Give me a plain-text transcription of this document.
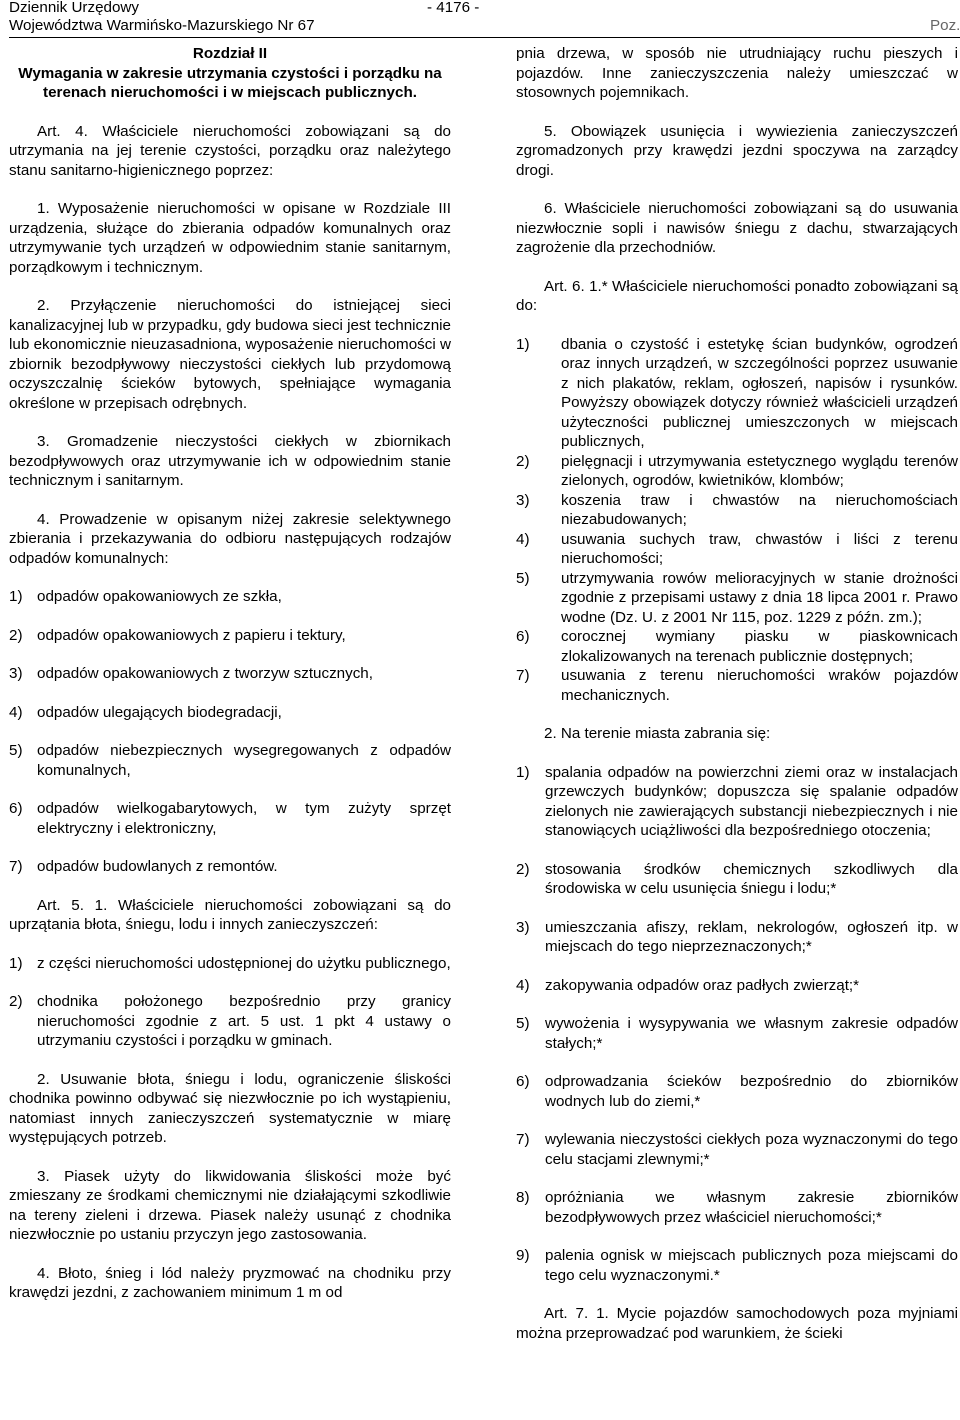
Dziennik Urzędowy
Województwa Warmińsko-Mazurskiego Nr 67
- 4176 -
Poz.

Rozdział II

Wymagania w zakresie utrzymania czystości i porządku na terenach nieruchomości i w miejscach publicznych.

Art. 4. Właściciele nieruchomości zobowiązani są do utrzymania na jej terenie czystości, porządku oraz należytego stanu sanitarno-higienicznego poprzez:

1. Wyposażenie nieruchomości w opisane w Rozdziale III urządzenia, służące do zbierania odpadów komunalnych oraz utrzymywanie tych urządzeń w odpowiednim stanie sanitarnym, porządkowym i technicznym.

2. Przyłączenie nieruchomości do istniejącej sieci kanalizacyjnej lub w przypadku, gdy budowa sieci jest technicznie lub ekonomicznie nieuzasadniona, wyposażenie nieruchomości w zbiornik bezodpływowy nieczystości ciekłych lub przydomową oczyszczalnię ścieków bytowych, spełniające wymagania określone w przepisach odrębnych.

3. Gromadzenie nieczystości ciekłych w zbiornikach bezodpływowych oraz utrzymywanie ich w odpowiednim stanie technicznym i sanitarnym.

4. Prowadzenie w opisanym niżej zakresie selektywnego zbierania i przekazywania do odbioru następujących rodzajów odpadów komunalnych:

1) odpadów opakowaniowych ze szkła,
2) odpadów opakowaniowych z papieru i tektury,
3) odpadów opakowaniowych z tworzyw sztucznych,
4) odpadów ulegających biodegradacji,
5) odpadów niebezpiecznych wysegregowanych z odpadów komunalnych,
6) odpadów wielkogabarytowych, w tym zużyty sprzęt elektryczny i elektroniczny,
7) odpadów budowlanych z remontów.

Art. 5. 1. Właściciele nieruchomości zobowiązani są do uprzątania błota, śniegu, lodu i innych zanieczyszczeń:

1) z części nieruchomości udostępnionej do użytku publicznego,
2) chodnika położonego bezpośrednio przy granicy nieruchomości zgodnie z art. 5 ust. 1 pkt 4 ustawy o utrzymaniu czystości i porządku w gminach.

2. Usuwanie błota, śniegu i lodu, ograniczenie śliskości chodnika powinno odbywać się niezwłocznie po ich wystąpieniu, natomiast innych zanieczyszczeń systematycznie w miarę występujących potrzeb.

3. Piasek użyty do likwidowania śliskości może być zmieszany ze środkami chemicznymi nie działającymi szkodliwie na tereny zieleni i drzewa. Piasek należy usunąć z chodnika niezwłocznie po ustaniu przyczyn jego zastosowania.

4. Błoto, śnieg i lód należy pryzmować na chodniku przy krawędzi jezdni, z zachowaniem minimum 1 m od

pnia drzewa, w sposób nie utrudniający ruchu pieszych i pojazdów. Inne zanieczyszczenia należy umieszczać w stosownych pojemnikach.

5. Obowiązek usunięcia i wywiezienia zanieczyszczeń zgromadzonych przy krawędzi jezdni spoczywa na zarządcy drogi.

6. Właściciele nieruchomości zobowiązani są do usuwania niezwłocznie sopli i nawisów śniegu z dachu, stwarzających zagrożenie dla przechodniów.

Art. 6. 1.* Właściciele nieruchomości ponadto zobowiązani są do:

1)	dbania o czystość i estetykę ścian budynków, ogrodzeń oraz innych urządzeń, w szczególności poprzez usuwanie z nich plakatów, reklam, ogłoszeń, napisów i rysunków. Powyższy obowiązek dotyczy również właścicieli urządzeń użyteczności publicznej umieszczonych w miejscach publicznych,
2)	pielęgnacji i utrzymywania estetycznego wyglądu terenów zielonych, ogrodów, kwietników, klombów;
3)	koszenia traw i chwastów na nieruchomościach niezabudowanych;
4)	usuwania suchych traw, chwastów i liści z terenu nieruchomości;
5)	utrzymywania rowów melioracyjnych w stanie drożności zgodnie z przepisami ustawy z dnia 18 lipca 2001 r. Prawo wodne (Dz. U. z 2001 Nr 115, poz. 1229 z późn. zm.);
6)	corocznej wymiany piasku w piaskownicach zlokalizowanych na terenach publicznie dostępnych;
7)	usuwania z terenu nieruchomości wraków pojazdów mechanicznych.

2. Na terenie miasta zabrania się:

1)	spalania odpadów na powierzchni ziemi oraz w instalacjach grzewczych budynków; dopuszcza się spalanie odpadów zielonych nie zawierających substancji niebezpiecznych i nie stanowiących uciążliwości dla bezpośredniego otoczenia;
2)	stosowania środków chemicznych szkodliwych dla środowiska w celu usunięcia śniegu i lodu;*
3)	umieszczania afiszy, reklam, nekrologów, ogłoszeń itp. w miejscach do tego nieprzeznaczonych;*
4)	zakopywania odpadów oraz padłych zwierząt;*
5)	wywożenia i wysypywania we własnym zakresie odpadów stałych;*
6)	odprowadzania ścieków bezpośrednio do zbiorników wodnych lub do ziemi,*
7)	wylewania nieczystości ciekłych poza wyznaczonymi do tego celu stacjami zlewnymi;*
8)	opróżniania we własnym zakresie zbiorników bezodpływowych przez właściciel nieruchomości;*
9)	palenia ognisk w miejscach publicznych poza miejscami do tego celu wyznaczonymi.*

Art. 7. 1. Mycie pojazdów samochodowych poza myjniami można przeprowadzać pod warunkiem, że ścieki
